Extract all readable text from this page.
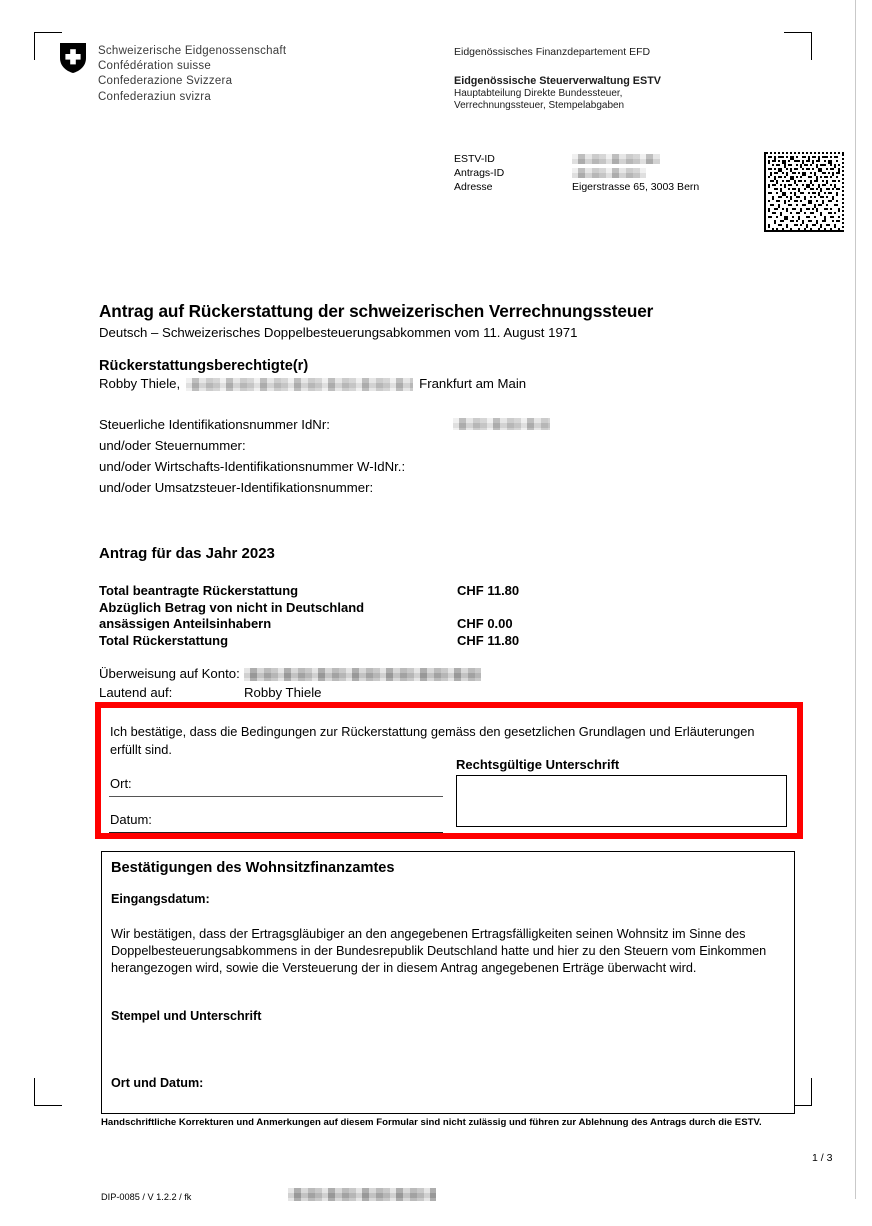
Schweizerische Eidgenossenschaft
Confédération suisse
Confederazione Svizzera
Confederaziun svizra
Eidgenössisches Finanzdepartement EFD
Eidgenössische Steuerverwaltung ESTV
Hauptabteilung Direkte Bundessteuer,
Verrechnungssteuer, Stempelabgaben
ESTV-ID
Antrags-ID
Adresse	Eigerstrasse 65, 3003 Bern
Antrag auf Rückerstattung der schweizerischen Verrechnungssteuer
Deutsch – Schweizerisches Doppelbesteuerungsabkommen vom 11. August 1971
Rückerstattungsberechtigte(r)
Robby Thiele,	Frankfurt am Main
Steuerliche Identifikationsnummer IdNr:
und/oder Steuernummer:
und/oder Wirtschafts-Identifikationsnummer W-IdNr.:
und/oder Umsatzsteuer-Identifikationsnummer:
Antrag für das Jahr 2023
Total beantragte Rückerstattung	CHF 11.80
Abzüglich Betrag von nicht in Deutschland
ansässigen Anteilsinhabern	CHF 0.00
Total Rückerstattung	CHF 11.80
Überweisung auf Konto:
Lautend auf:	Robby Thiele
Ich bestätige, dass die Bedingungen zur Rückerstattung gemäss den gesetzlichen Grundlagen und Erläuterungen erfüllt sind.
Ort:
Datum:
Rechtsgültige Unterschrift
Bestätigungen des Wohnsitzfinanzamtes
Eingangsdatum:
Wir bestätigen, dass der Ertragsgläubiger an den angegebenen Ertragsfälligkeiten seinen Wohnsitz im Sinne des Doppelbesteuerungsabkommens in der Bundesrepublik Deutschland hatte und hier zu den Steuern vom Einkommen herangezogen wird, sowie die Versteuerung der in diesem Antrag angegebenen Erträge überwacht wird.
Stempel und Unterschrift
Ort und Datum:
Handschriftliche Korrekturen und Anmerkungen auf diesem Formular sind nicht zulässig und führen zur Ablehnung des Antrags durch die ESTV.
1 / 3
DIP-0085 / V 1.2.2 / fk
